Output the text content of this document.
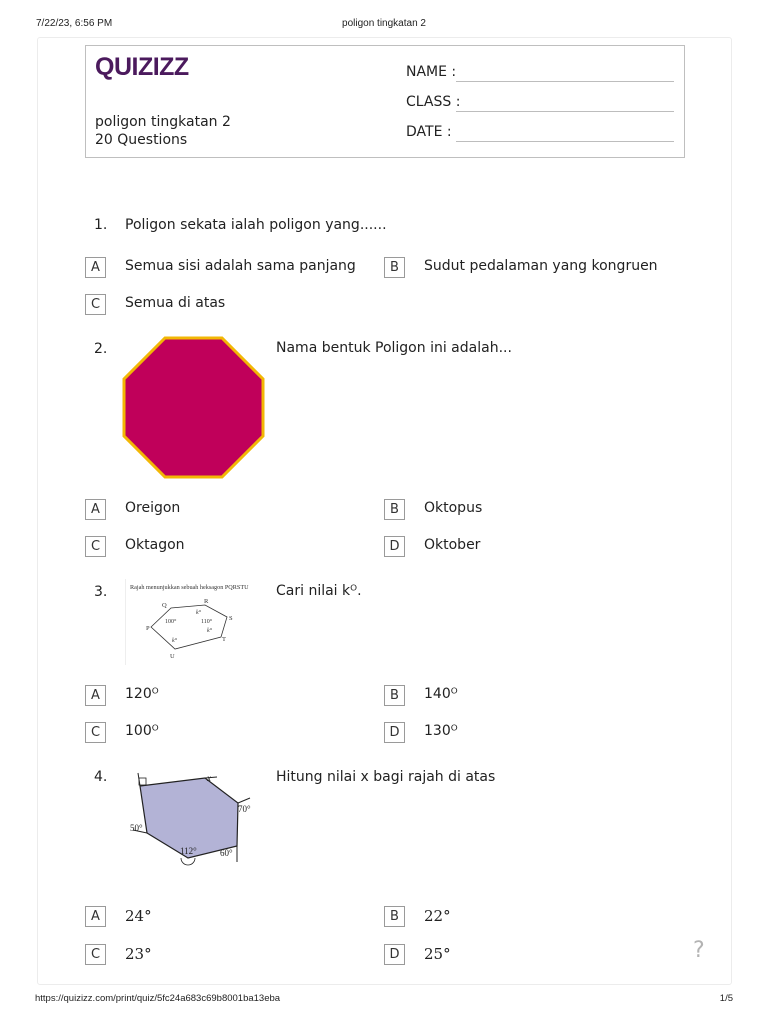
7/22/23, 6:56 PM	poligon tingkatan 2
QUIZIZZ
poligon tingkatan 2
20 Questions
NAME :
CLASS :
DATE :
1. Poligon sekata ialah poligon yang......
A	Semua sisi adalah sama panjang	B	Sudut pedalaman yang kongruen
C	Semua di atas
2.	Nama bentuk Poligon ini adalah...
A	Oreigon	B	Oktopus
C	Oktagon	D	Oktober
3.	Rajah menunjukkan sebuah heksagon PQRSTU
P
Q
R
S
T
U
100°	110°
k°
k°
k°
Cari nilai kᴼ.
A	120ᴼ	B	140ᴼ
C	100ᴼ	D	130ᴼ
4.	x
70°
50°
112°	60°
Hitung nilai x bagi rajah di atas
A	24°	B	22°
C	23°	D	25°	?
https://quizizz.com/print/quiz/5fc24a683c69b8001ba13eba	1/5
